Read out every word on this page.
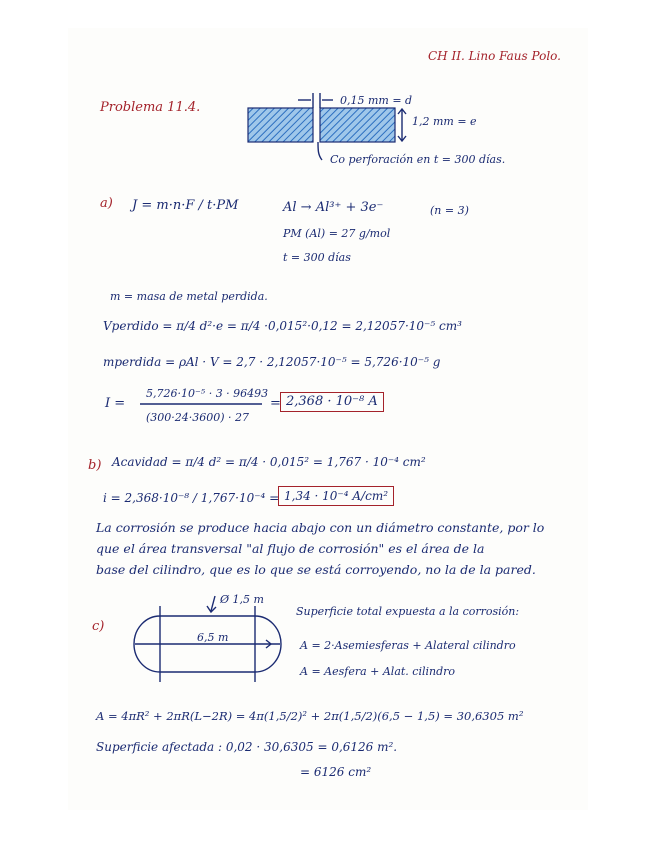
CH II. Lino Faus Polo.
Problema 11.4.	0,15 mm = d
1,2 mm = e
Co perforación en t = 300 días.
a) J = m·n·F / t·PM	Al → Al³⁺ + 3e⁻	(n = 3)
PM (Al) = 27 g/mol
t = 300 días
m = masa de metal perdida.
Vperdido = π/4 d²·e = π/4 ·0,015²·0,12 = 2,12057·10⁻⁵ cm³
mperdida = ρAl · V = 2,7 · 2,12057·10⁻⁵ = 5,726·10⁻⁵ g
I =
5,726·10⁻⁵ · 3 · 96493
(300·24·3600) · 27
= 2,368 · 10⁻⁸ A
b) Acavidad = π/4 d² = π/4 · 0,015² = 1,767 · 10⁻⁴ cm²
i = 2,368·10⁻⁸ / 1,767·10⁻⁴ = 1,34 · 10⁻⁴ A/cm²
La corrosión se produce hacia abajo con un diámetro constante, por lo
que el área transversal "al flujo de corrosión" es el área de la
base del cilindro, que es lo que se está corroyendo, no la de la pared.
c)
Ø 1,5 m
6,5 m
Superficie total expuesta a la corrosión:
A = 2·Asemiesferas + Alateral cilindro
A = Aesfera + Alat. cilindro
A = 4πR² + 2πR(L−2R) = 4π(1,5/2)² + 2π(1,5/2)(6,5 − 1,5) = 30,6305 m²
Superficie afectada : 0,02 · 30,6305 = 0,6126 m².
= 6126 cm²
